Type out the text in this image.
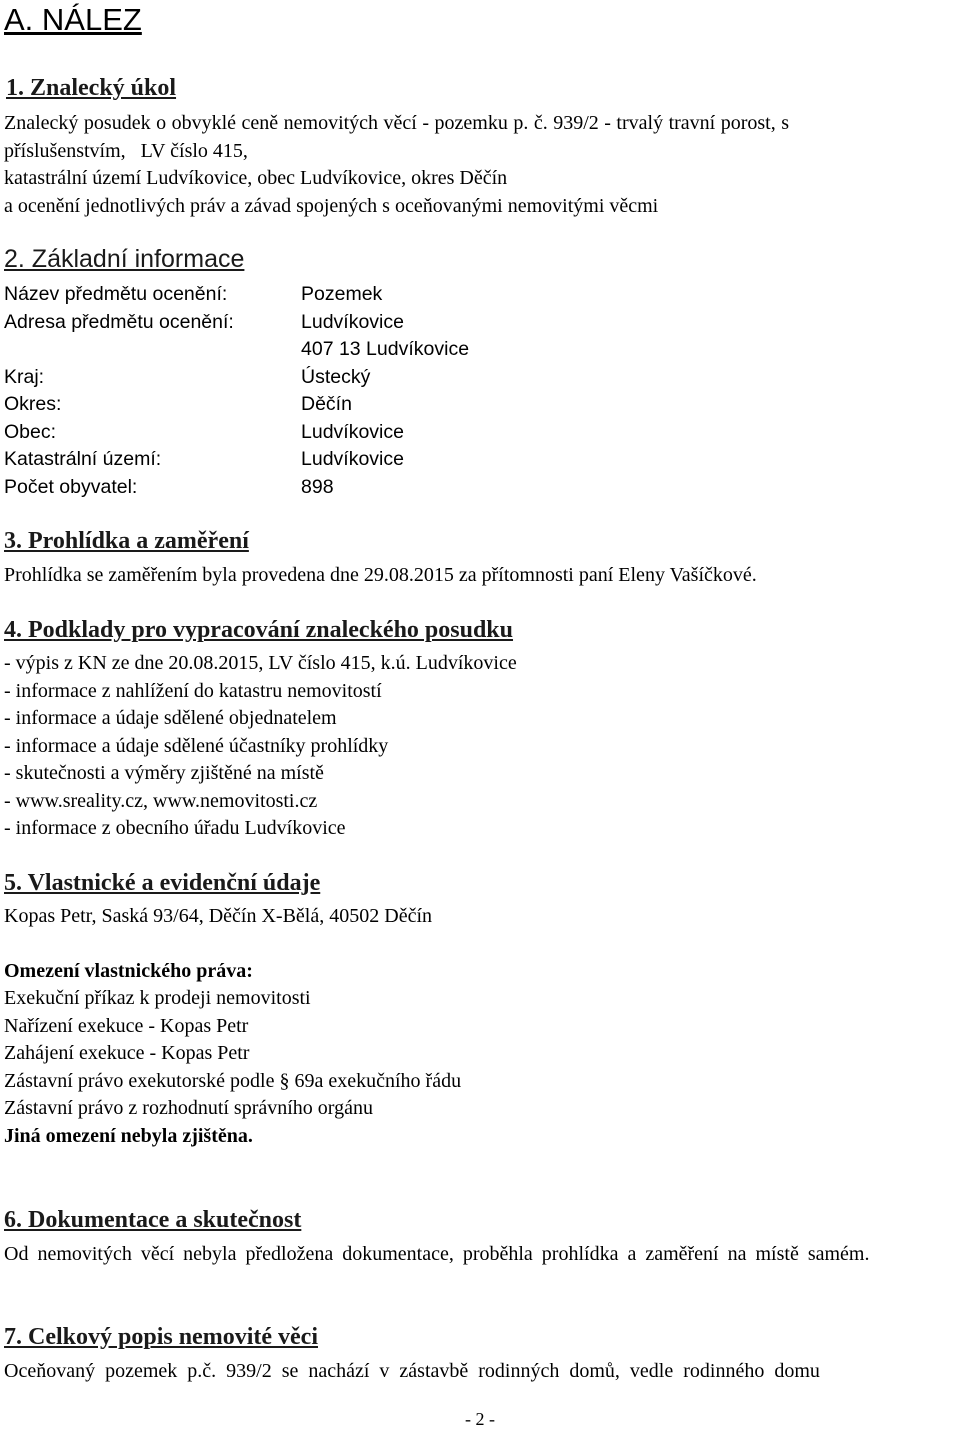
A. NÁLEZ
1. Znalecký úkol

Znalecký posudek o obvyklé ceně nemovitých věcí - pozemku p. č. 939/2 - trvalý travní porost, s

příslušenstvím,   LV číslo 415,

katastrální území Ludvíkovice, obec Ludvíkovice, okres Děčín

a ocenění jednotlivých práv a závad spojených s oceňovanými nemovitými věcmi

2. Základní informace
Název předmětu ocenění:	Pozemek
Adresa předmětu ocenění:	Ludvíkovice
407 13 Ludvíkovice
Kraj:	Ústecký
Okres:	Děčín
Obec:	Ludvíkovice
Katastrální území:	Ludvíkovice
Počet obyvatel:	898
3. Prohlídka a zaměření

Prohlídka se zaměřením byla provedena dne 29.08.2015 za přítomnosti paní Eleny Vašíčkové.

4. Podklady pro vypracování znaleckého posudku

- výpis z KN ze dne 20.08.2015, LV číslo 415, k.ú. Ludvíkovice

- informace z nahlížení do katastru nemovitostí

- informace a údaje sdělené objednatelem

- informace a údaje sdělené účastníky prohlídky

- skutečnosti a výměry zjištěné na místě

- www.sreality.cz, www.nemovitosti.cz

- informace z obecního úřadu Ludvíkovice

5. Vlastnické a evidenční údaje

Kopas Petr, Saská 93/64, Děčín X-Bělá, 40502 Děčín

Omezení vlastnického práva:

Exekuční příkaz k prodeji nemovitosti

Nařízení exekuce - Kopas Petr

Zahájení exekuce - Kopas Petr

Zástavní právo exekutorské podle § 69a exekučního řádu

Zástavní právo z rozhodnutí správního orgánu

Jiná omezení nebyla zjištěna.

6. Dokumentace a skutečnost

Od nemovitých věcí nebyla předložena dokumentace, proběhla prohlídka a zaměření na místě samém.

7. Celkový popis nemovité věci

Oceňovaný pozemek p.č. 939/2 se nachází v zástavbě rodinných domů, vedle rodinného domu

- 2 -
